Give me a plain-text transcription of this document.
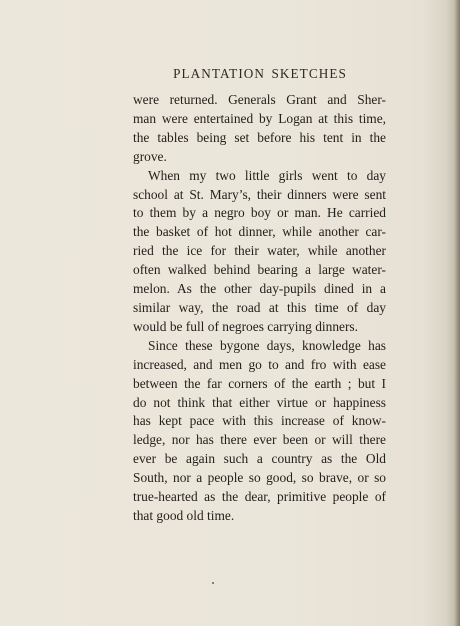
PLANTATION SKETCHES

were returned. Generals Grant and Sher-
man were entertained by Logan at this time,
the tables being set before his tent in the
grove.

When my two little girls went to day
school at St. Mary’s, their dinners were sent
to them by a negro boy or man. He carried
the basket of hot dinner, while another car-
ried the ice for their water, while another
often walked behind bearing a large water-
melon. As the other day-pupils dined in a
similar way, the road at this time of day
would be full of negroes carrying dinners.

Since these bygone days, knowledge has
increased, and men go to and fro with ease
between the far corners of the earth ; but I
do not think that either virtue or happiness
has kept pace with this increase of know-
ledge, nor has there ever been or will there
ever be again such a country as the Old
South, nor a people so good, so brave, or so
true-hearted as the dear, primitive people of
that good old time.
